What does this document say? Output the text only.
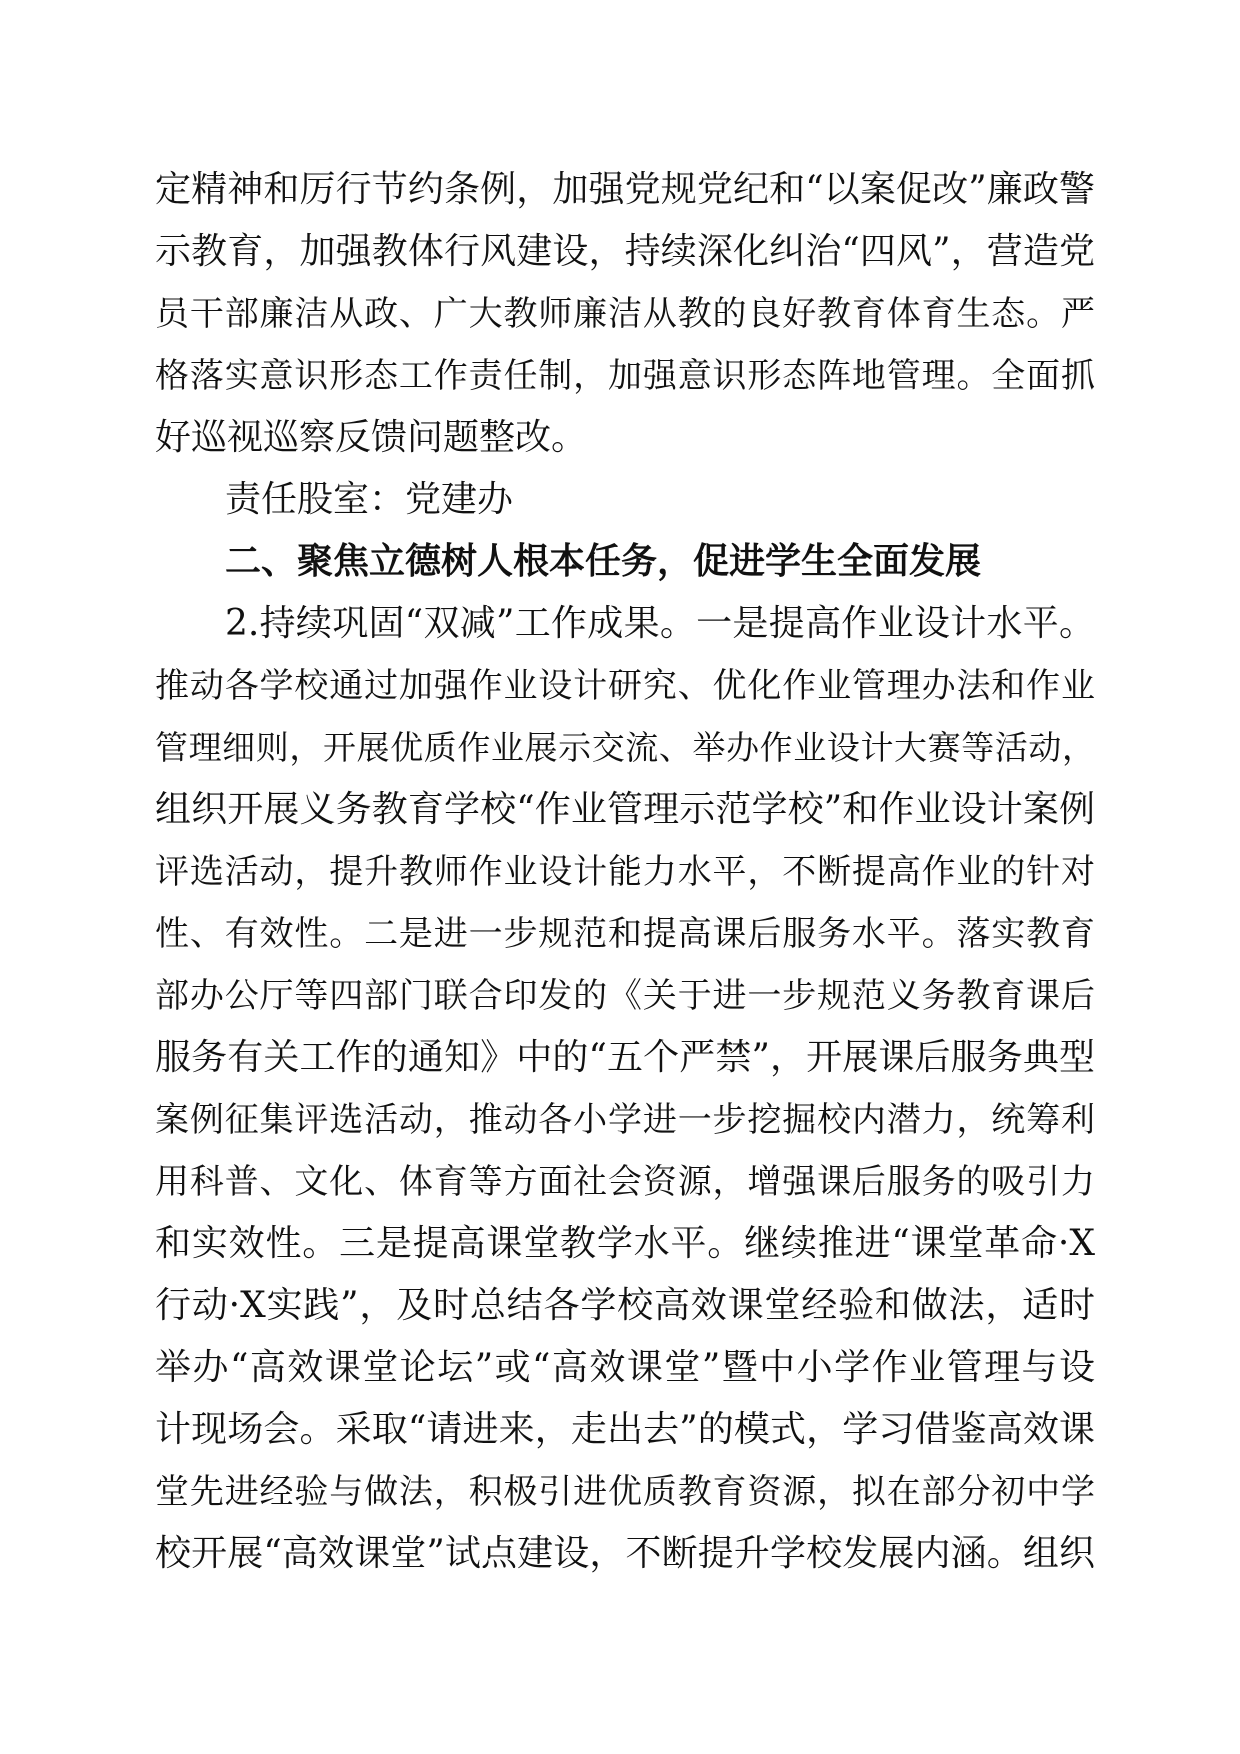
定精神和厉行节约条例，加强党规党纪和“以案促改”廉政警
示教育，加强教体行风建设，持续深化纠治“四风”，营造党
员干部廉洁从政、广大教师廉洁从教的良好教育体育生态。严
格落实意识形态工作责任制，加强意识形态阵地管理。全面抓
好巡视巡察反馈问题整改。
责任股室：党建办
二、聚焦立德树人根本任务，促进学生全面发展
2.持续巩固“双减”工作成果。一是提高作业设计水平。
推动各学校通过加强作业设计研究、优化作业管理办法和作业
管理细则，开展优质作业展示交流、举办作业设计大赛等活动，
组织开展义务教育学校“作业管理示范学校”和作业设计案例
评选活动，提升教师作业设计能力水平，不断提高作业的针对
性、有效性。二是进一步规范和提高课后服务水平。落实教育
部办公厅等四部门联合印发的《关于进一步规范义务教育课后
服务有关工作的通知》中的“五个严禁”，开展课后服务典型
案例征集评选活动，推动各小学进一步挖掘校内潜力，统筹利
用科普、文化、体育等方面社会资源，增强课后服务的吸引力
和实效性。三是提高课堂教学水平。继续推进“课堂革命·X
行动·X实践”，及时总结各学校高效课堂经验和做法，适时
举办“高效课堂论坛”或“高效课堂”暨中小学作业管理与设
计现场会。采取“请进来，走出去”的模式，学习借鉴高效课
堂先进经验与做法，积极引进优质教育资源，拟在部分初中学
校开展“高效课堂”试点建设，不断提升学校发展内涵。组织
